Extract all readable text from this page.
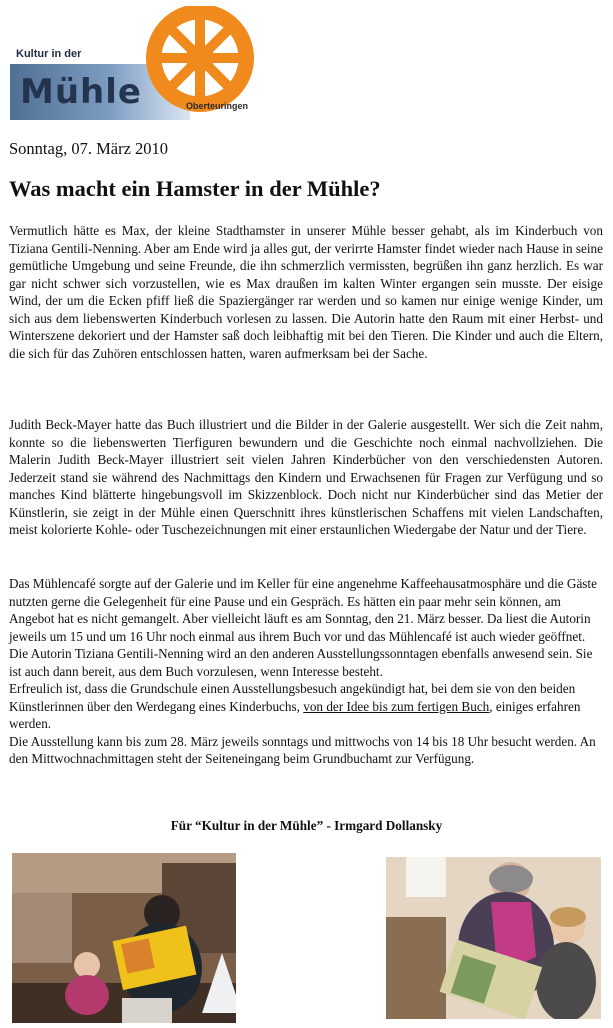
Kultur in der
Mühle	Oberteuringen
Sonntag, 07. März 2010
Was macht ein Hamster in der Mühle?

Vermutlich hätte es Max, der kleine Stadthamster in unserer Mühle besser gehabt, als im Kinderbuch von Tiziana Gentili-Nenning. Aber am Ende wird ja alles gut, der verirrte Hamster findet wieder nach Hause in seine gemütliche Umgebung und seine Freunde, die ihn schmerzlich vermissten, begrüßen ihn ganz herzlich. Es war gar nicht schwer sich vorzustellen, wie es Max draußen im kalten Winter ergangen sein musste. Der eisige Wind, der um die Ecken pfiff ließ die Spaziergänger rar werden und so kamen nur einige wenige Kinder, um sich aus dem liebenswerten Kinderbuch vorlesen zu lassen. Die Autorin hatte den Raum mit einer Herbst- und Winterszene dekoriert und der Hamster saß doch leibhaftig mit bei den Tieren. Die Kinder und auch die Eltern, die sich für das Zuhören entschlossen hatten, waren aufmerksam bei der Sache.

Judith Beck-Mayer hatte das Buch illustriert und die Bilder in der Galerie ausgestellt. Wer sich die Zeit nahm, konnte so die liebenswerten Tierfiguren bewundern und die Geschichte noch einmal nachvollziehen. Die Malerin Judith Beck-Mayer illustriert seit vielen Jahren Kinderbücher von den verschiedensten Autoren. Jederzeit stand sie während des Nachmittags den Kindern und Erwachsenen für Fragen zur Verfügung und so manches Kind blätterte hingebungsvoll im Skizzenblock. Doch nicht nur Kinderbücher sind das Metier der Künstlerin, sie zeigt in der Mühle einen Querschnitt ihres künstlerischen Schaffens mit vielen Landschaften, meist kolorierte Kohle- oder Tuschezeichnungen mit einer erstaunlichen Wiedergabe der Natur und der Tiere.

Das Mühlencafé sorgte auf der Galerie und im Keller für eine angenehme Kaffeehausatmosphäre und die Gäste nutzten gerne die Gelegenheit für eine Pause und ein Gespräch. Es hätten ein paar mehr sein können, am Angebot hat es nicht gemangelt. Aber vielleicht läuft es am Sonntag, den 21. März besser. Da liest die Autorin jeweils um 15 und um 16 Uhr noch einmal aus ihrem Buch vor und das Mühlencafé ist auch wieder geöffnet. Die Autorin Tiziana Gentili-Nenning wird an den anderen Ausstellungssonntagen ebenfalls anwesend sein. Sie ist auch dann bereit, aus dem Buch vorzulesen, wenn Interesse besteht.
Erfreulich ist, dass die Grundschule einen Ausstellungsbesuch angekündigt hat, bei dem sie von den beiden Künstlerinnen über den Werdegang eines Kinderbuchs, von der Idee bis zum fertigen Buch, einiges erfahren werden.
Die Ausstellung kann bis zum 28. März jeweils sonntags und mittwochs von 14 bis 18 Uhr besucht werden. An den Mittwochnachmittagen steht der Seiteneingang beim Grundbuchamt zur Verfügung.
Für “Kultur in der Mühle” - Irmgard Dollansky
